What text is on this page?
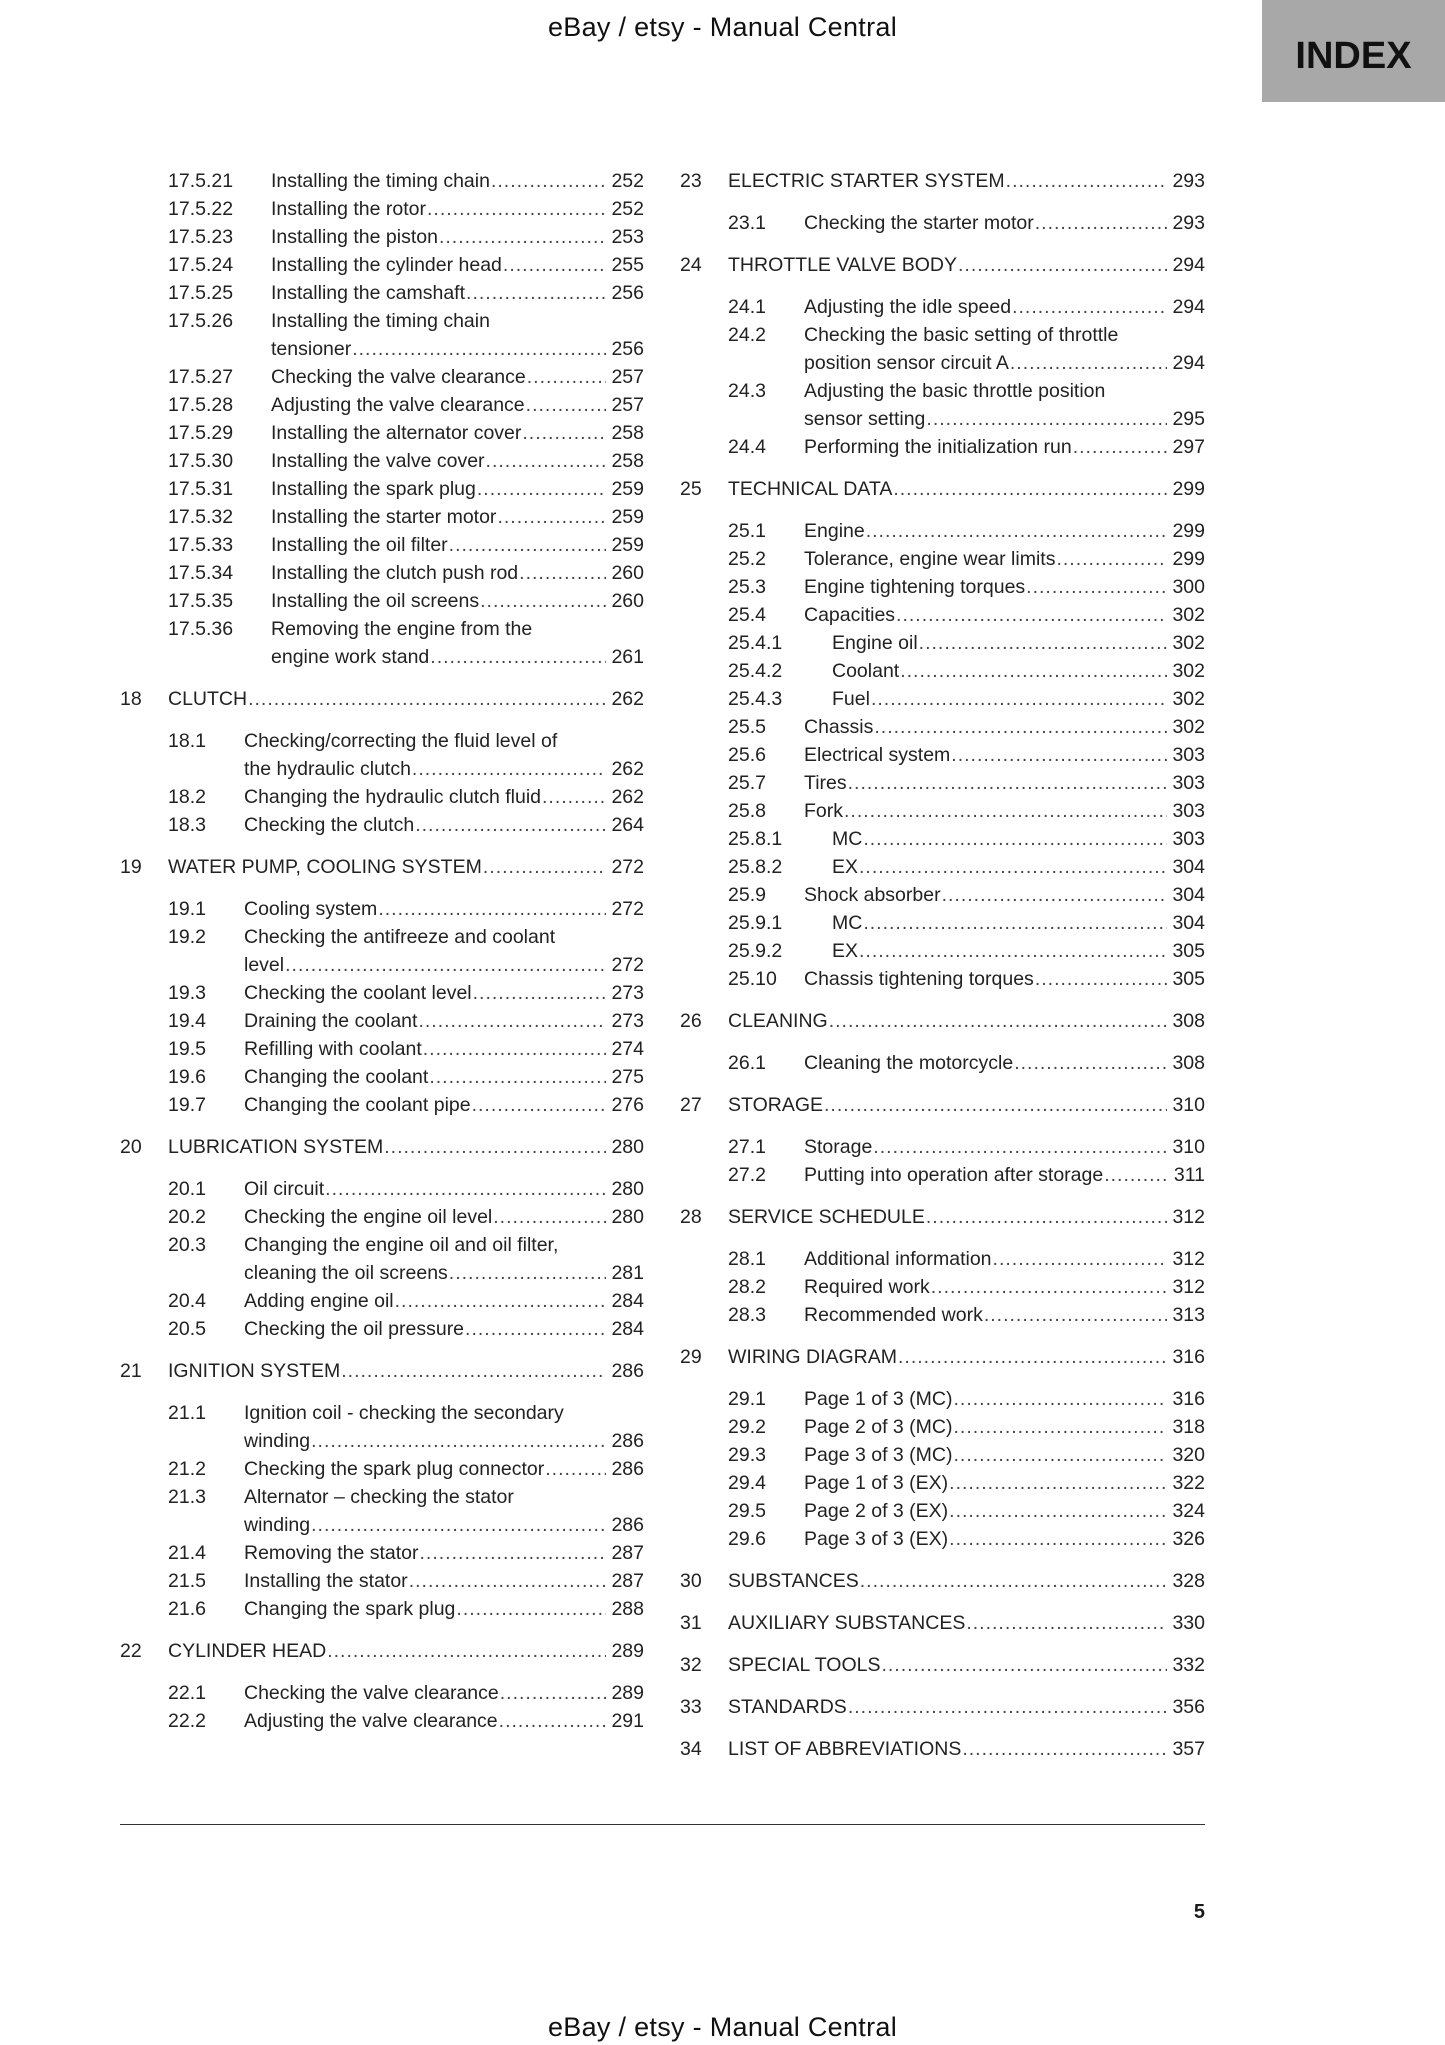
eBay / etsy - Manual Central
INDEX
17.5.21 Installing the timing chain .....	252
17.5.22 Installing the rotor .....	252
17.5.23 Installing the piston .....	253
17.5.24 Installing the cylinder head .....	255
17.5.25 Installing the camshaft .....	256
17.5.26 Installing the timing chain
tensioner .....	256
17.5.27 Checking the valve clearance .....	257
17.5.28 Adjusting the valve clearance .....	257
17.5.29 Installing the alternator cover .....	258
17.5.30 Installing the valve cover .....	258
17.5.31 Installing the spark plug .....	259
17.5.32 Installing the starter motor .....	259
17.5.33 Installing the oil filter .....	259
17.5.34 Installing the clutch push rod .....	260
17.5.35 Installing the oil screens .....	260
17.5.36 Removing the engine from the
engine work stand .....	261
18 CLUTCH .....	262
18.1 Checking/correcting the fluid level of
the hydraulic clutch .....	262
18.2 Changing the hydraulic clutch fluid .....	262
18.3 Checking the clutch .....	264
19 WATER PUMP, COOLING SYSTEM .....	272
19.1 Cooling system .....	272
19.2 Checking the antifreeze and coolant
level .....	272
19.3 Checking the coolant level .....	273
19.4 Draining the coolant .....	273
19.5 Refilling with coolant .....	274
19.6 Changing the coolant .....	275
19.7 Changing the coolant pipe .....	276
20 LUBRICATION SYSTEM .....	280
20.1 Oil circuit .....	280
20.2 Checking the engine oil level .....	280
20.3 Changing the engine oil and oil filter,
cleaning the oil screens .....	281
20.4 Adding engine oil .....	284
20.5 Checking the oil pressure .....	284
21 IGNITION SYSTEM .....	286
21.1 Ignition coil - checking the secondary
winding .....	286
21.2 Checking the spark plug connector .....	286
21.3 Alternator – checking the stator
winding .....	286
21.4 Removing the stator .....	287
21.5 Installing the stator .....	287
21.6 Changing the spark plug .....	288
22 CYLINDER HEAD .....	289
22.1 Checking the valve clearance .....	289
22.2 Adjusting the valve clearance .....	291
23 ELECTRIC STARTER SYSTEM .....	293
23.1 Checking the starter motor .....	293
24 THROTTLE VALVE BODY .....	294
24.1 Adjusting the idle speed .....	294
24.2 Checking the basic setting of throttle
position sensor circuit A .....	294
24.3 Adjusting the basic throttle position
sensor setting .....	295
24.4 Performing the initialization run .....	297
25 TECHNICAL DATA .....	299
25.1 Engine .....	299
25.2 Tolerance, engine wear limits .....	299
25.3 Engine tightening torques .....	300
25.4 Capacities .....	302
25.4.1	Engine oil .....	302
25.4.2	Coolant .....	302
25.4.3	Fuel .....	302
25.5 Chassis .....	302
25.6 Electrical system .....	303
25.7 Tires .....	303
25.8 Fork .....	303
25.8.1	MC .....	303
25.8.2	EX .....	304
25.9 Shock absorber .....	304
25.9.1	MC .....	304
25.9.2	EX .....	305
25.10 Chassis tightening torques .....	305
26 CLEANING .....	308
26.1 Cleaning the motorcycle .....	308
27 STORAGE .....	310
27.1 Storage .....	310
27.2 Putting into operation after storage .....	311
28 SERVICE SCHEDULE .....	312
28.1 Additional information .....	312
28.2 Required work .....	312
28.3 Recommended work .....	313
29 WIRING DIAGRAM .....	316
29.1 Page 1 of 3 (MC) .....	316
29.2 Page 2 of 3 (MC) .....	318
29.3 Page 3 of 3 (MC) .....	320
29.4 Page 1 of 3 (EX) .....	322
29.5 Page 2 of 3 (EX) .....	324
29.6 Page 3 of 3 (EX) .....	326
30 SUBSTANCES .....	328
31 AUXILIARY SUBSTANCES .....	330
32 SPECIAL TOOLS .....	332
33 STANDARDS .....	356
34 LIST OF ABBREVIATIONS .....	357
5
eBay / etsy - Manual Central
